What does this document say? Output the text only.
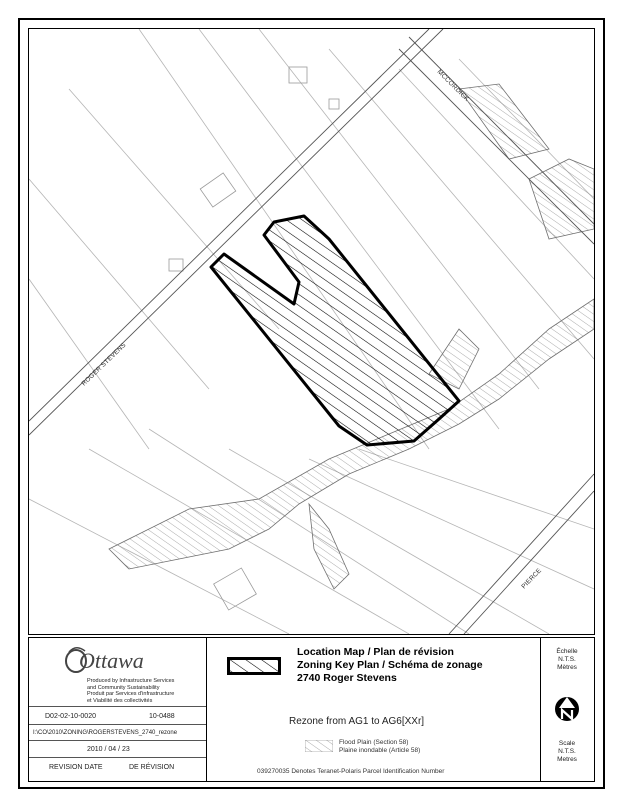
ROGER STEVENS
MCCORDICK
PIERCE
Ottawa
Produced by Infrastructure Services
and Community Sustainability
Produit par Services d'infrastructure
et Viabilité des collectivités
D02-02-10-0020	10-0488
I:\CO\2010\ZONING\ROGERSTEVENS_2740_rezone
2010 / 04 / 23
REVISION DATE	DE RÉVISION
Location Map / Plan de révision
Zoning Key Plan / Schéma de zonage
2740 Roger Stevens
Rezone from AG1 to AG6[XXr]
Flood Plain (Section 58)
Plaine inondable (Article 58)
039270035 Denotes Teranet-Polaris Parcel Identification Number
Échelle
N.T.S.
Mètres
Scale
N.T.S.
Metres
